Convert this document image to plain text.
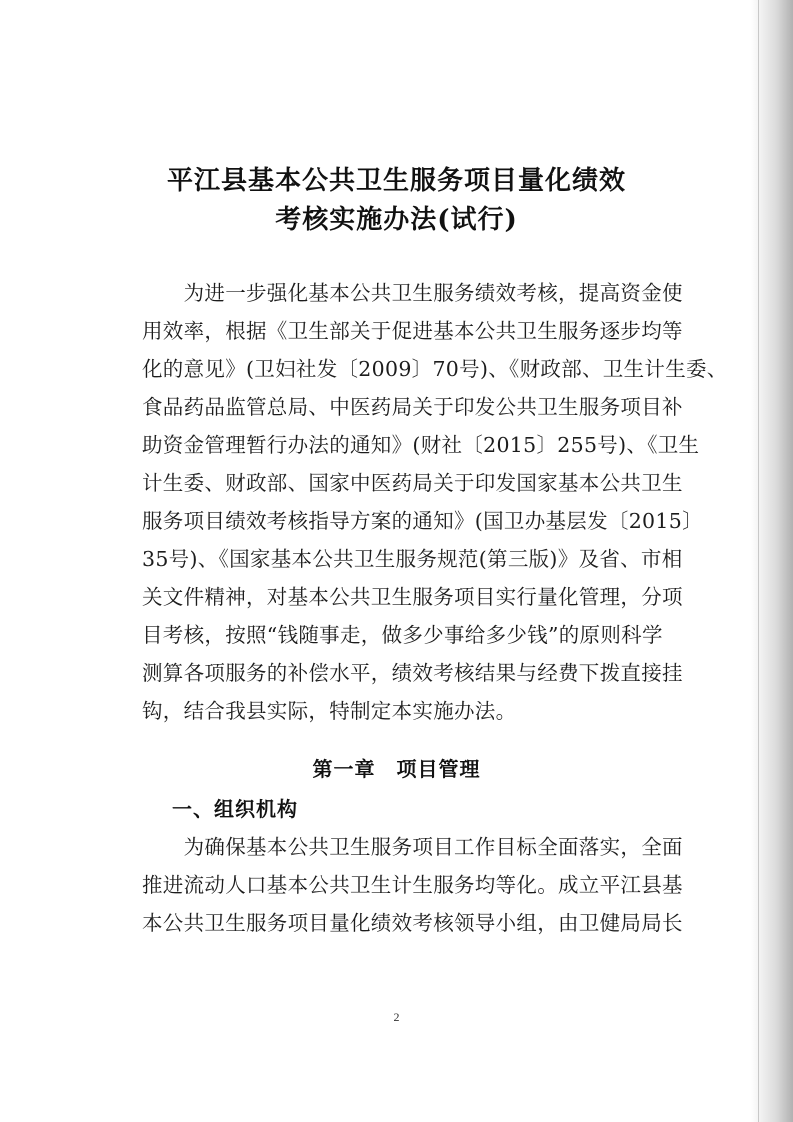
平江县基本公共卫生服务项目量化绩效
考核实施办法(试行)
　　为进一步强化基本公共卫生服务绩效考核，提高资金使
用效率，根据《卫生部关于促进基本公共卫生服务逐步均等
化的意见》(卫妇社发〔2009〕70号)、《财政部、卫生计生委、
食品药品监管总局、中医药局关于印发公共卫生服务项目补
助资金管理暂行办法的通知》(财社〔2015〕255号)、《卫生
计生委、财政部、国家中医药局关于印发国家基本公共卫生
服务项目绩效考核指导方案的通知》(国卫办基层发〔2015〕
35号)、《国家基本公共卫生服务规范(第三版)》及省、市相
关文件精神，对基本公共卫生服务项目实行量化管理，分项
目考核，按照“钱随事走，做多少事给多少钱”的原则科学
测算各项服务的补偿水平，绩效考核结果与经费下拨直接挂
钩，结合我县实际，特制定本实施办法。
第一章　项目管理
一、组织机构
　　为确保基本公共卫生服务项目工作目标全面落实，全面
推进流动人口基本公共卫生计生服务均等化。成立平江县基
本公共卫生服务项目量化绩效考核领导小组，由卫健局局长
2
